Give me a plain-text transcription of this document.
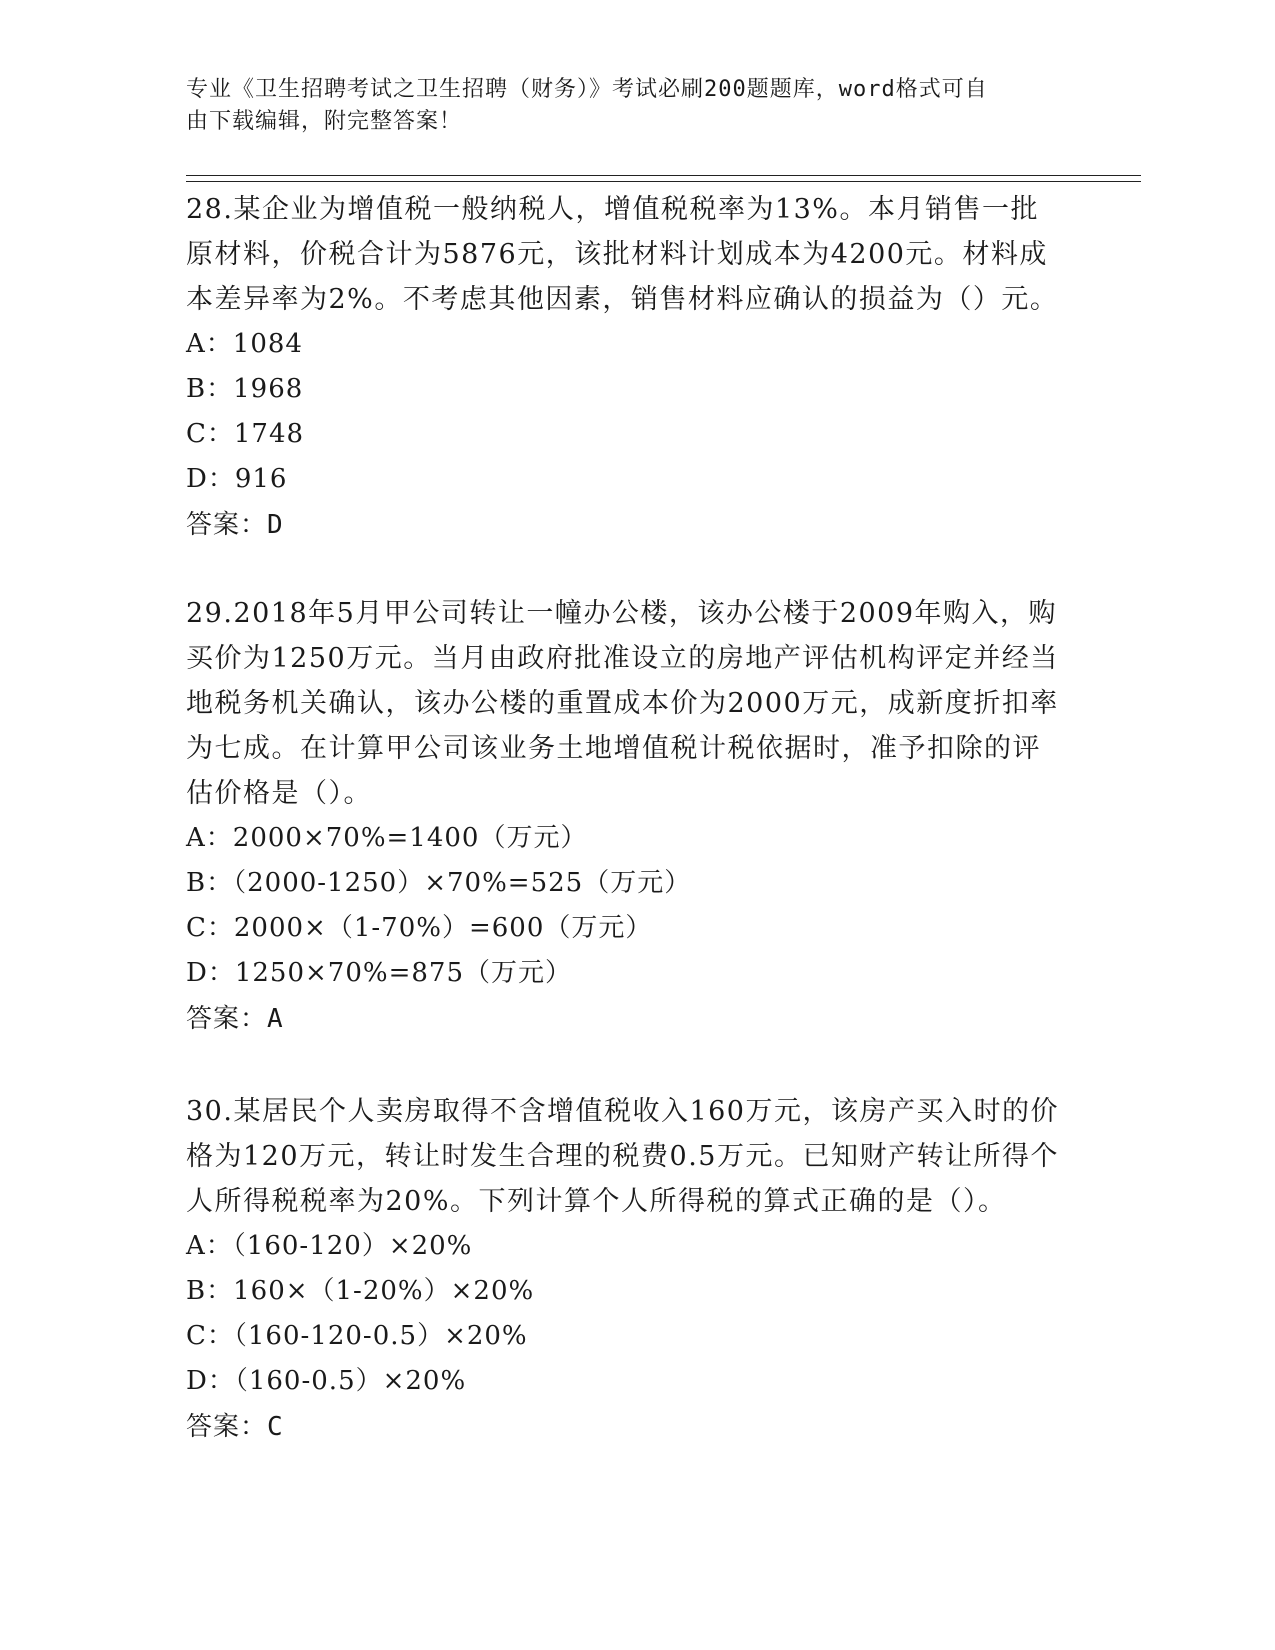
专业《卫生招聘考试之卫生招聘（财务）》考试必刷200题题库，word格式可自
由下载编辑，附完整答案！

28.某企业为增值税一般纳税人，增值税税率为13%。本月销售一批原材料，价税合计为5876元，该批材料计划成本为4200元。材料成本差异率为2%。不考虑其他因素，销售材料应确认的损益为（）元。

A：1084
B：1968
C：1748
D：916
答案：D

29.2018年5月甲公司转让一幢办公楼，该办公楼于2009年购入，购买价为1250万元。当月由政府批准设立的房地产评估机构评定并经当地税务机关确认，该办公楼的重置成本价为2000万元，成新度折扣率为七成。在计算甲公司该业务土地增值税计税依据时，准予扣除的评估价格是（）。

A：2000×70%=1400（万元）
B：（2000-1250）×70%=525（万元）
C：2000×（1-70%）=600（万元）
D：1250×70%=875（万元）
答案：A

30.某居民个人卖房取得不含增值税收入160万元，该房产买入时的价格为120万元，转让时发生合理的税费0.5万元。已知财产转让所得个人所得税税率为20%。下列计算个人所得税的算式正确的是（）。

A：（160-120）×20%
B：160×（1-20%）×20%
C：（160-120-0.5）×20%
D：（160-0.5）×20%
答案：C
